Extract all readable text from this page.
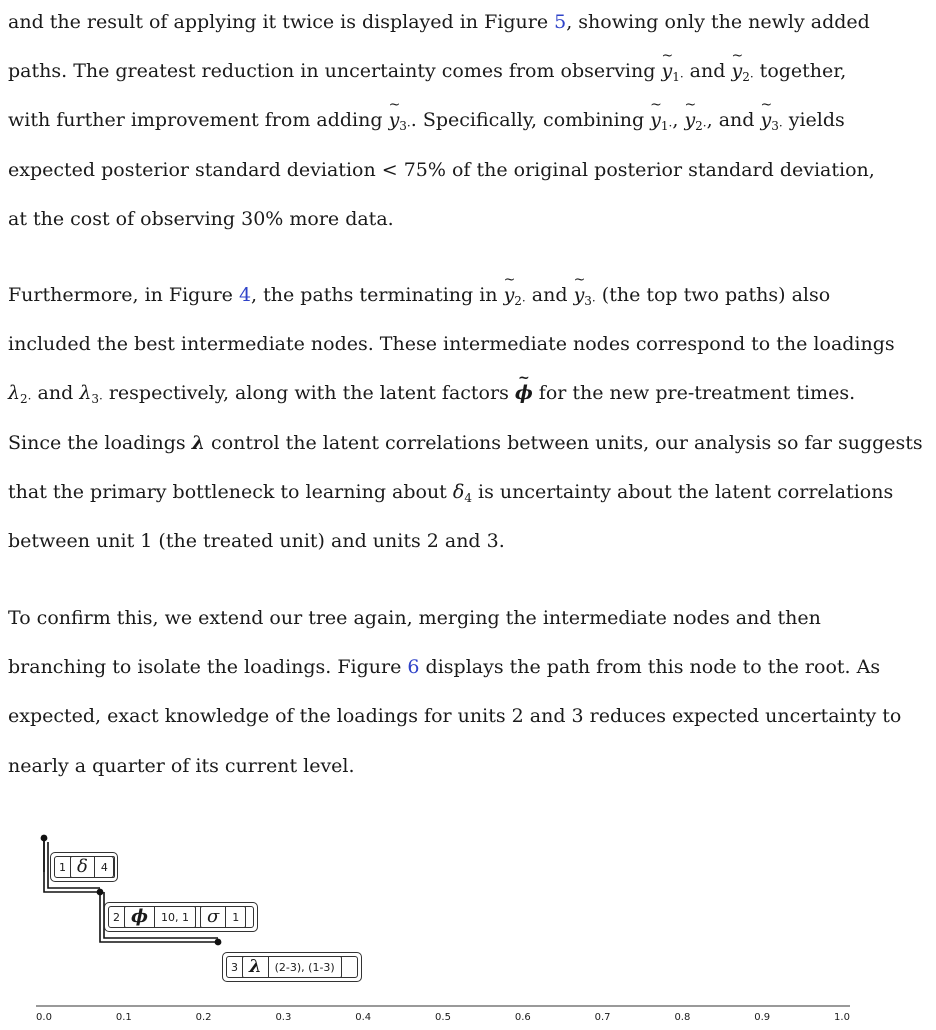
and the result of applying it twice is displayed in Figure 5, showing only the newly added
paths. The greatest reduction in uncertainty comes from observing ~ $y_{1\cdot}$ and ~ $y_{2\cdot}$ together,
with further improvement from adding ~ $y_{3\cdot}$. Specifically, combining ~ $y_{1\cdot}$, ~ $y_{2\cdot}$, and ~ $y_{3\cdot}$ yields
expected posterior standard deviation < 75% of the original posterior standard deviation,
at the cost of observing 30% more data.
Furthermore, in Figure 4, the paths terminating in ~ $y_{2\cdot}$ and ~ $y_{3\cdot}$ (the top two paths) also
included the best intermediate nodes. These intermediate nodes correspond to the loadings
$\lambda_{2\cdot}$ and $\lambda_{3\cdot}$ respectively, along with the latent factors ~ ϕ for the new pre-treatment times.
Since the loadings λ control the latent correlations between units, our analysis so far suggests
that the primary bottleneck to learning about $\delta_4$ is uncertainty about the latent correlations
between unit 1 (the treated unit) and units 2 and 3.
To confirm this, we extend our tree again, merging the intermediate nodes and then
branching to isolate the loadings. Figure 6 displays the path from this node to the root. As
expected, exact knowledge of the loadings for units 2 and 3 reduces expected uncertainty to
nearly a quarter of its current level.
1 δ	4
2 ϕ	10, 1	σ	1
3 λ	(2-3), (1-3)
0.0	0.1	0.2	0.3	0.4	0.5	0.6	0.7	0.8	0.9	1.0
